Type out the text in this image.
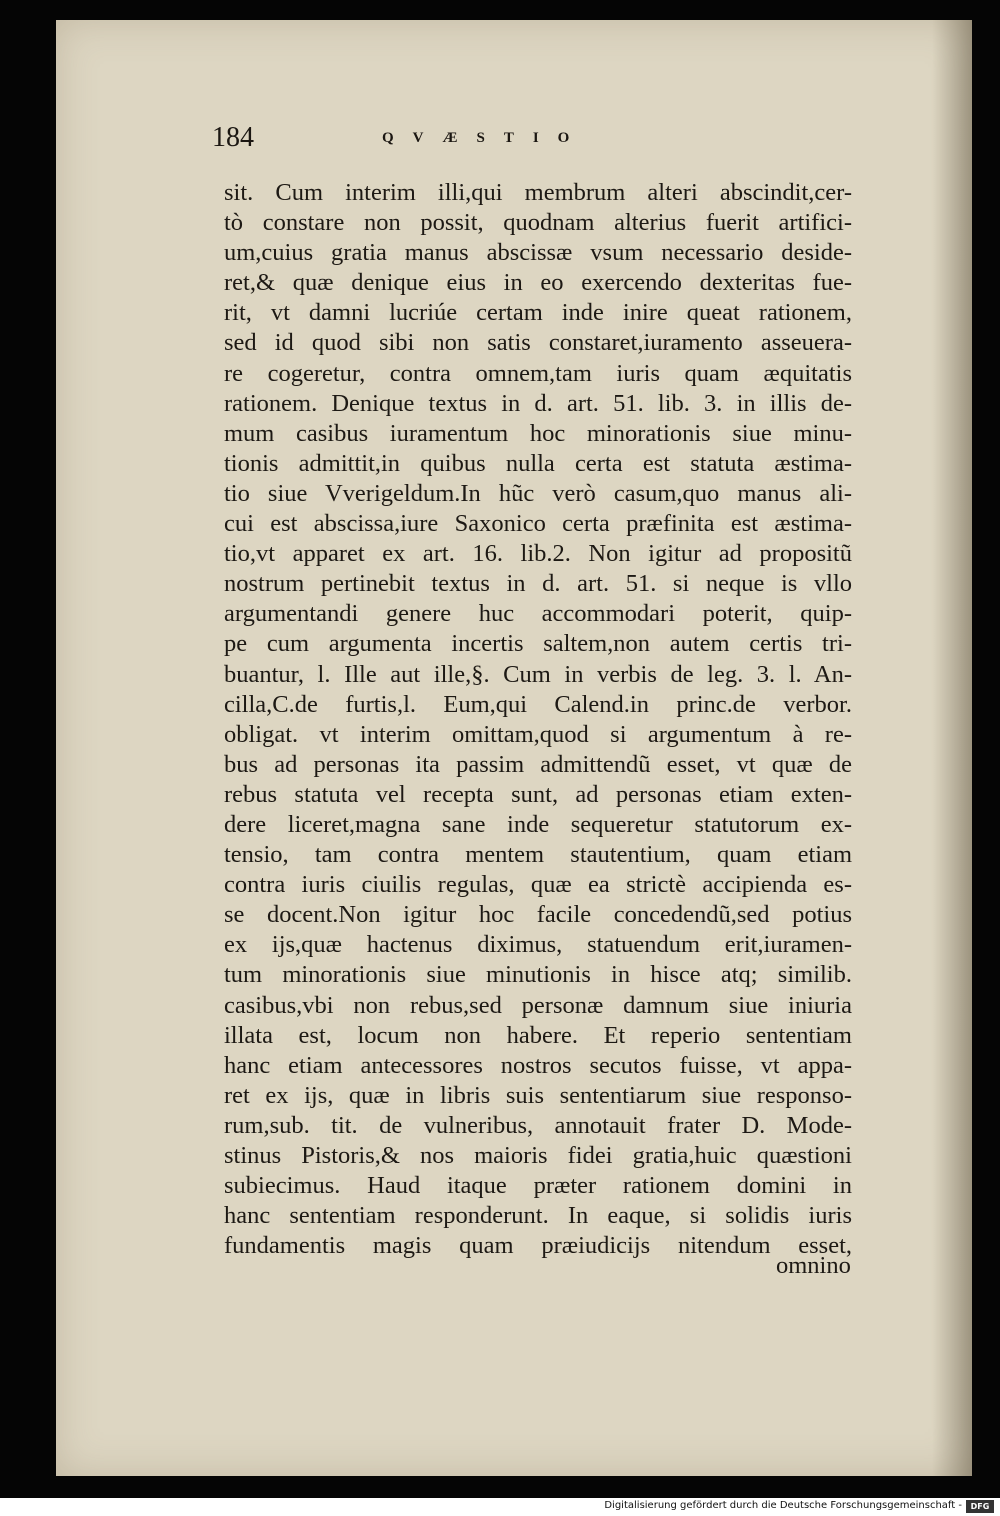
184	QVÆSTIO
sit. Cum interim illi,qui membrum alteri abscindit,cer-
tò constare non possit, quodnam alterius fuerit artifici-
um,cuius gratia manus abscissæ vsum necessario deside-
ret,& quæ denique eius in eo exercendo dexteritas fue-
rit, vt damni lucriúe certam inde inire queat rationem,
sed id quod sibi non satis constaret,iuramento asseuera-
re cogeretur, contra omnem,tam iuris quam æquitatis
rationem. Denique textus in d. art. 51. lib. 3. in illis de-
mum casibus iuramentum hoc minorationis siue minu-
tionis admittit,in quibus nulla certa est statuta æstima-
tio siue Vverigeldum.In hũc verò casum,quo manus ali-
cui est abscissa,iure Saxonico certa præfinita est æstima-
tio,vt apparet ex art. 16. lib.2. Non igitur ad propositũ
nostrum pertinebit textus in d. art. 51. si neque is vllo
argumentandi genere huc accommodari poterit, quip-
pe cum argumenta incertis saltem,non autem certis tri-
buantur, l. Ille aut ille,§. Cum in verbis de leg. 3. l. An-
cilla,C.de furtis,l. Eum,qui Calend.in princ.de verbor.
obligat. vt interim omittam,quod si argumentum à re-
bus ad personas ita passim admittendũ esset, vt quæ de
rebus statuta vel recepta sunt, ad personas etiam exten-
dere liceret,magna sane inde sequeretur statutorum ex-
tensio, tam contra mentem stautentium, quam etiam
contra iuris ciuilis regulas, quæ ea strictè accipienda es-
se docent.Non igitur hoc facile concedendũ,sed potius
ex ijs,quæ hactenus diximus, statuendum erit,iuramen-
tum minorationis siue minutionis in hisce atq; similib.
casibus,vbi non rebus,sed personæ damnum siue iniuria
illata est, locum non habere. Et reperio sententiam
hanc etiam antecessores nostros secutos fuisse, vt appa-
ret ex ijs, quæ in libris suis sententiarum siue responso-
rum,sub. tit. de vulneribus, annotauit frater D. Mode-
stinus Pistoris,& nos maioris fidei gratia,huic quæstioni
subiecimus. Haud itaque præter rationem domini in
hanc sententiam responderunt. In eaque, si solidis iuris
fundamentis magis quam præiudicijs nitendum esset,
omnino
Digitalisierung gefördert durch die Deutsche Forschungsgemeinschaft -	DFG
